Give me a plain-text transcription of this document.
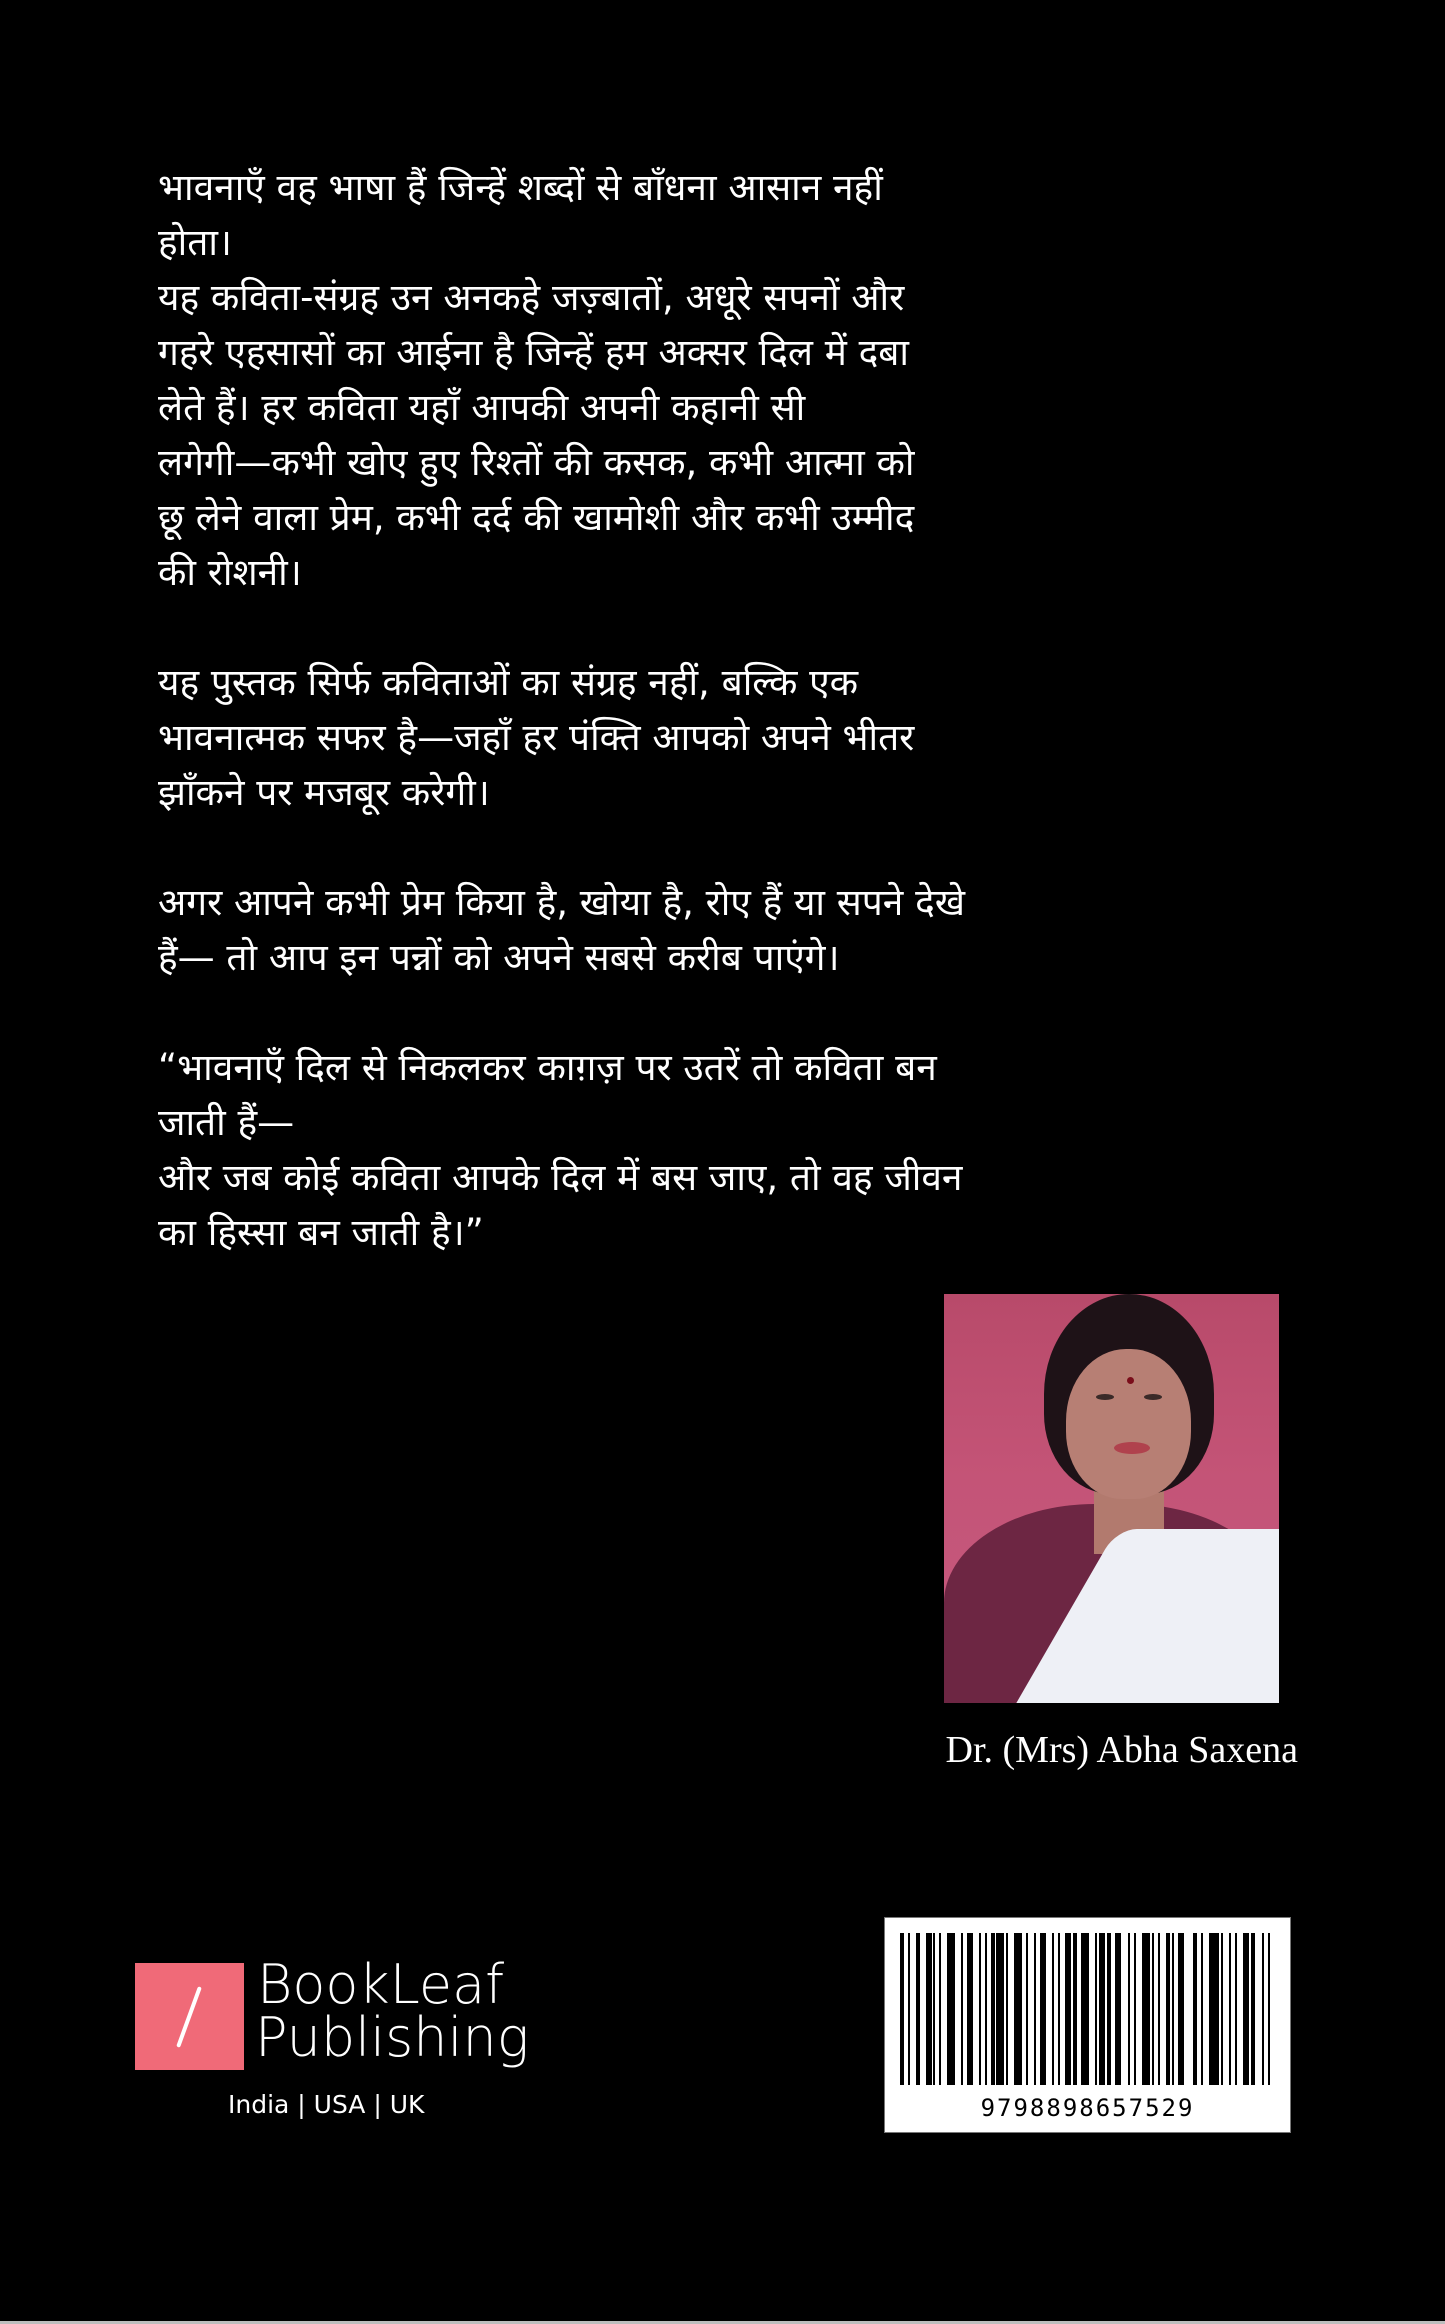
भावनाएँ वह भाषा हैं जिन्हें शब्दों से बाँधना आसान नहीं
होता।
यह कविता-संग्रह उन अनकहे जज़्बातों, अधूरे सपनों और
गहरे एहसासों का आईना है जिन्हें हम अक्सर दिल में दबा
लेते हैं। हर कविता यहाँ आपकी अपनी कहानी सी
लगेगी—कभी खोए हुए रिश्तों की कसक, कभी आत्मा को
छू लेने वाला प्रेम, कभी दर्द की खामोशी और कभी उम्मीद
की रोशनी।

यह पुस्तक सिर्फ कविताओं का संग्रह नहीं, बल्कि एक
भावनात्मक सफर है—जहाँ हर पंक्ति आपको अपने भीतर
झाँकने पर मजबूर करेगी।

अगर आपने कभी प्रेम किया है, खोया है, रोए हैं या सपने देखे
हैं— तो आप इन पन्नों को अपने सबसे करीब पाएंगे।

“भावनाएँ दिल से निकलकर काग़ज़ पर उतरें तो कविता बन
जाती हैं—
और जब कोई कविता आपके दिल में बस जाए, तो वह जीवन
का हिस्सा बन जाती है।”

Dr. (Mrs) Abha Saxena
BookLeaf
Publishing
India | USA | UK	9798898657529
